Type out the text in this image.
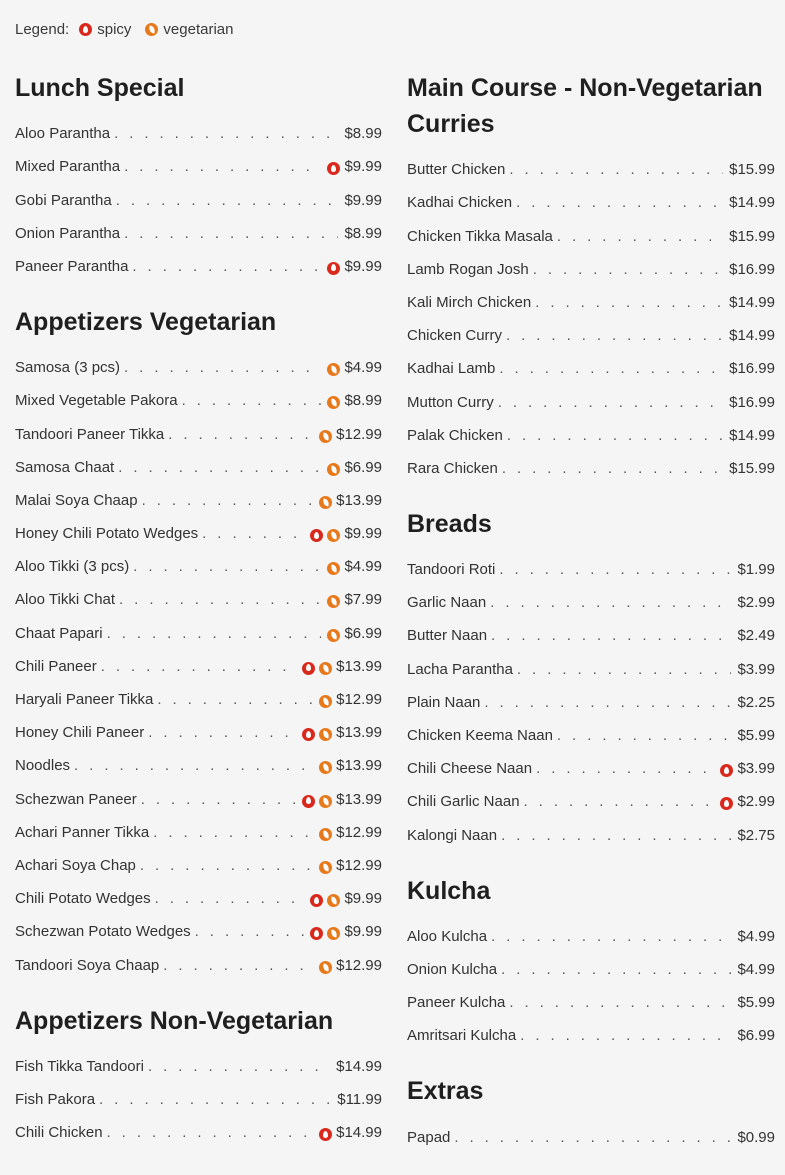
Legend: spicy vegetarian
Lunch Special
Aloo Parantha . . .	$8.99
Mixed Parantha . . .	$9.99
Gobi Parantha . . .	$9.99
Onion Parantha . . .	$8.99
Paneer Parantha . . .	$9.99
Appetizers Vegetarian
Samosa (3 pcs) . . .	$4.99
Mixed Vegetable Pakora . . .	$8.99
Tandoori Paneer Tikka . . .	$12.99
Samosa Chaat . . .	$6.99
Malai Soya Chaap . . .	$13.99
Honey Chili Potato Wedges . . .	$9.99
Aloo Tikki (3 pcs) . . .	$4.99
Aloo Tikki Chat . . .	$7.99
Chaat Papari . . .	$6.99
Chili Paneer . . .	$13.99
Haryali Paneer Tikka . . .	$12.99
Honey Chili Paneer . . .	$13.99
Noodles . . .	$13.99
Schezwan Paneer . . .	$13.99
Achari Panner Tikka . . .	$12.99
Achari Soya Chap . . .	$12.99
Chili Potato Wedges . . .	$9.99
Schezwan Potato Wedges . . .	$9.99
Tandoori Soya Chaap . . .	$12.99
Appetizers Non-Vegetarian
Fish Tikka Tandoori . . .	$14.99
Fish Pakora . . .	$11.99
Chili Chicken . . .	$14.99
Main Course - Non-Vegetarian Curries
Butter Chicken . . .	$15.99
Kadhai Chicken . . .	$14.99
Chicken Tikka Masala . . .	$15.99
Lamb Rogan Josh . . .	$16.99
Kali Mirch Chicken . . .	$14.99
Chicken Curry . . .	$14.99
Kadhai Lamb . . .	$16.99
Mutton Curry . . .	$16.99
Palak Chicken . . .	$14.99
Rara Chicken . . .	$15.99
Breads
Tandoori Roti . . .	$1.99
Garlic Naan . . .	$2.99
Butter Naan . . .	$2.49
Lacha Parantha . . .	$3.99
Plain Naan . . .	$2.25
Chicken Keema Naan . . .	$5.99
Chili Cheese Naan . . .	$3.99
Chili Garlic Naan . . .	$2.99
Kalongi Naan . . .	$2.75
Kulcha
Aloo Kulcha . . .	$4.99
Onion Kulcha . . .	$4.99
Paneer Kulcha . . .	$5.99
Amritsari Kulcha . . .	$6.99
Extras
Papad . . .	$0.99
